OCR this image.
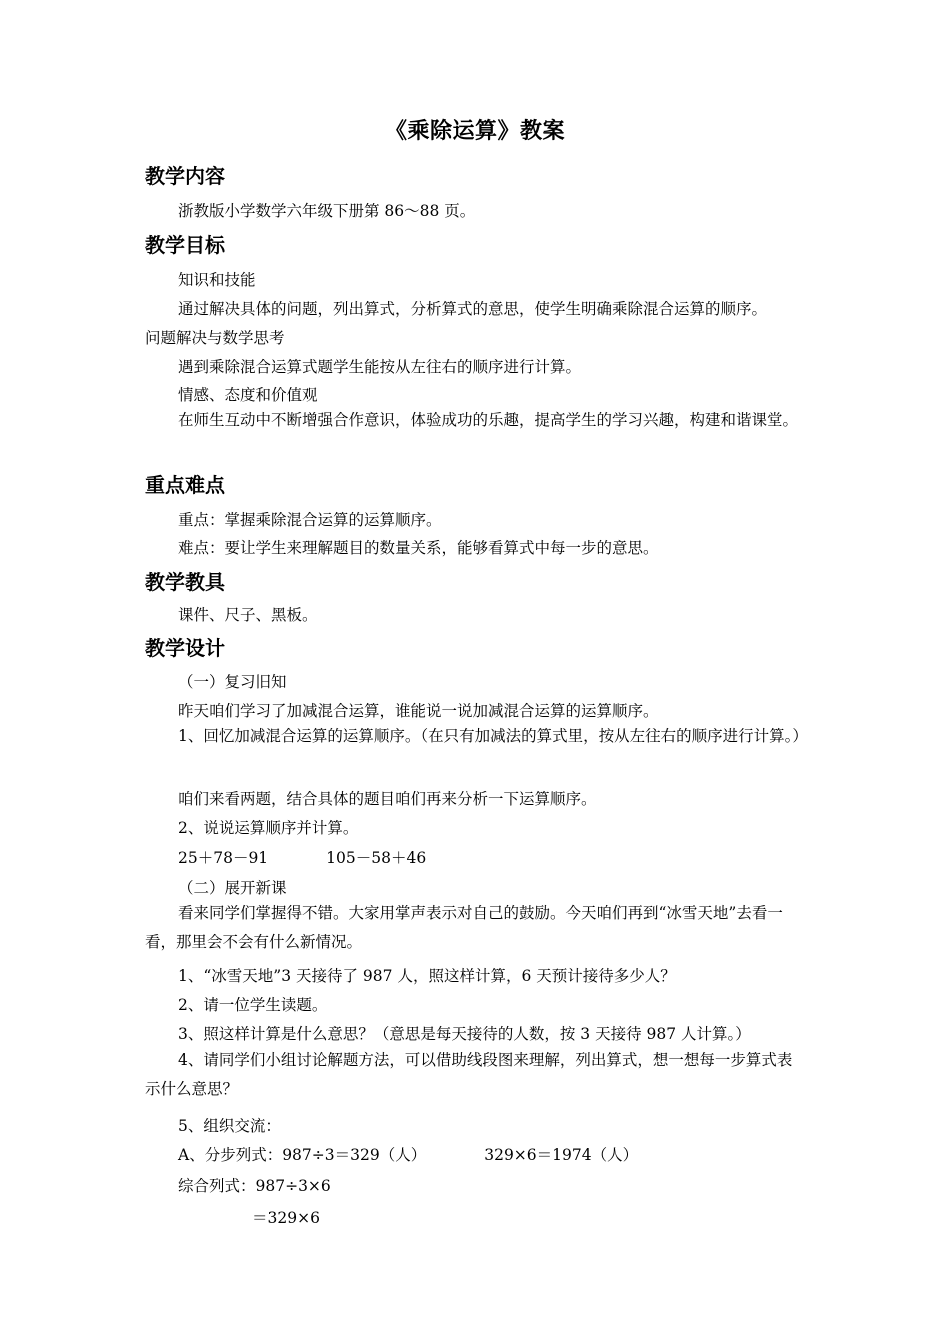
《乘除运算》教案
教学内容
浙教版小学数学六年级下册第 86～88 页。
教学目标
知识和技能
通过解决具体的问题，列出算式，分析算式的意思，使学生明确乘除混合运算的顺序。
问题解决与数学思考
遇到乘除混合运算式题学生能按从左往右的顺序进行计算。
情感、态度和价值观
在师生互动中不断增强合作意识，体验成功的乐趣，提高学生的学习兴趣，构建和谐课堂。
重点难点
重点：掌握乘除混合运算的运算顺序。
难点：要让学生来理解题目的数量关系，能够看算式中每一步的意思。
教学教具
课件、尺子、黑板。
教学设计
（一）复习旧知
昨天咱们学习了加减混合运算，谁能说一说加减混合运算的运算顺序。
1、回忆加减混合运算的运算顺序。（在只有加减法的算式里，按从左往右的顺序进行计算。）
咱们来看两题，结合具体的题目咱们再来分析一下运算顺序。
2、说说运算顺序并计算。
25＋78－91	105－58＋46
（二）展开新课
看来同学们掌握得不错。大家用掌声表示对自己的鼓励。今天咱们再到“冰雪天地”去看一看，那里会不会有什么新情况。
1、“冰雪天地”3 天接待了 987 人，照这样计算，6 天预计接待多少人？
2、请一位学生读题。
3、照这样计算是什么意思？（意思是每天接待的人数，按 3 天接待 987 人计算。）
4、请同学们小组讨论解题方法，可以借助线段图来理解，列出算式，想一想每一步算式表示什么意思？
5、组织交流：
A、分步列式：987÷3＝329（人）	329×6＝1974（人）
综合列式：987÷3×6
＝329×6
